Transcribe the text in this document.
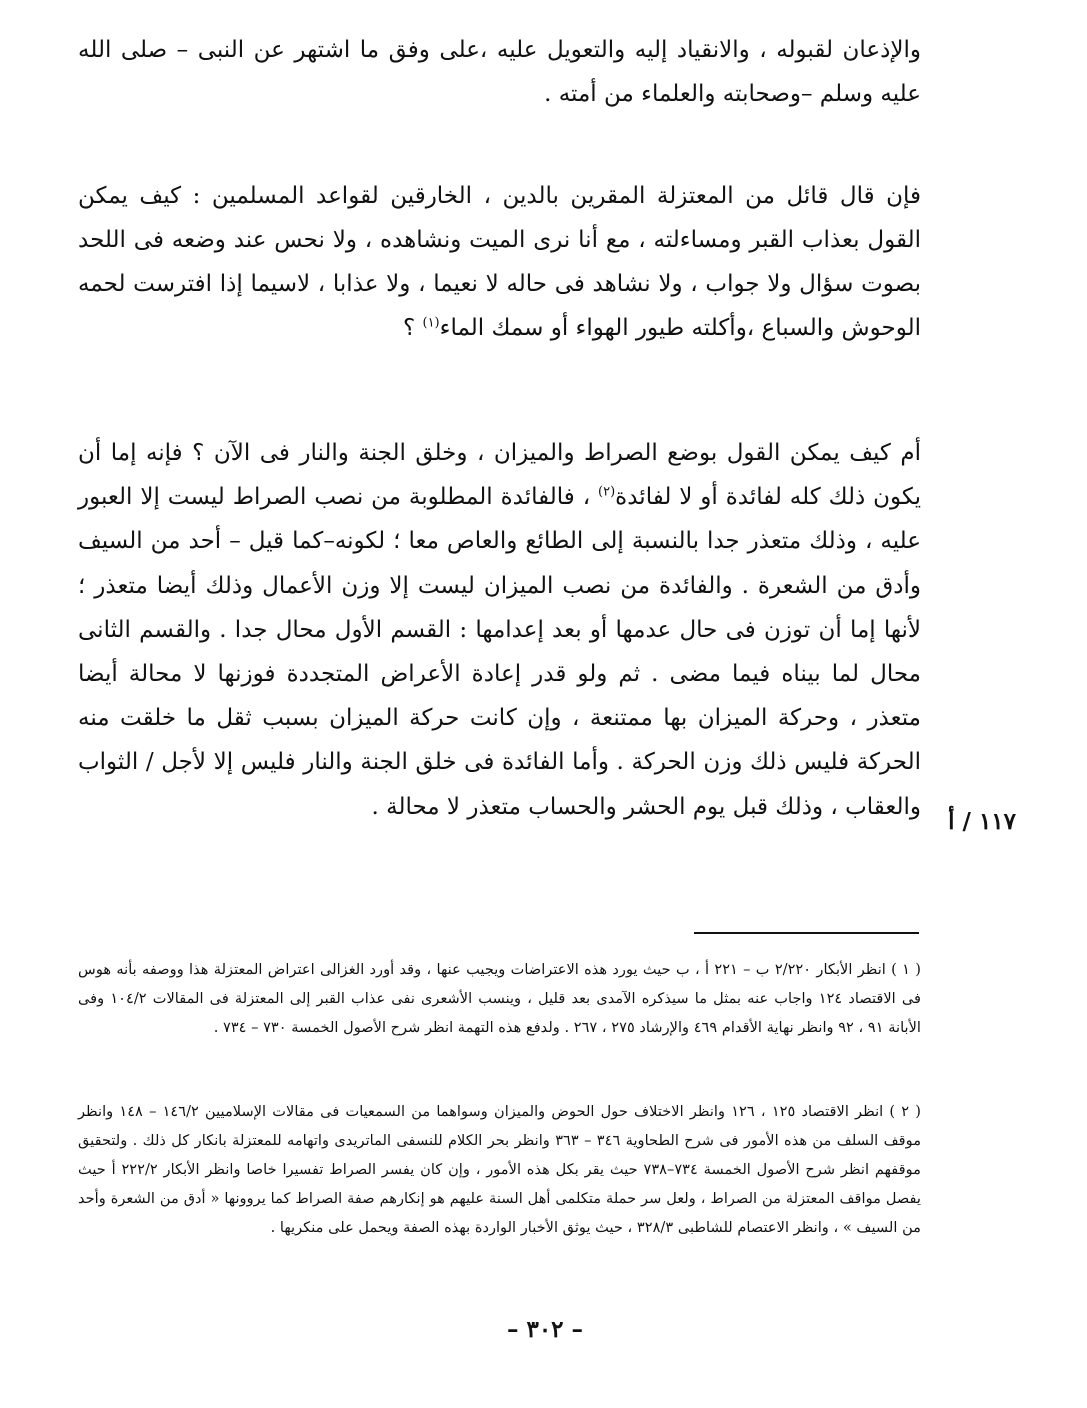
والإذعان لقبوله ، والانقياد إليه والتعويل عليه ،على وفق ما اشتهر عن النبى – صلى الله عليه وسلم –وصحابته والعلماء من أمته .

فإن قال قائل من المعتزلة المقرين بالدين ، الخارقين لقواعد المسلمين : كيف يمكن القول بعذاب القبر ومساءلته ، مع أنا نرى الميت ونشاهده ، ولا نحس عند وضعه فى اللحد بصوت سؤال ولا جواب ، ولا نشاهد فى حاله لا نعيما ، ولا عذابا ، لاسيما إذا افترست لحمه الوحوش والسباع ،وأكلته طيور الهواء أو سمك الماء$^{(١)}$ ؟

أم كيف يمكن القول بوضع الصراط والميزان ، وخلق الجنة والنار فى الآن ؟ فإنه إما أن يكون ذلك كله لفائدة أو لا لفائدة$^{(٢)}$ ، فالفائدة المطلوبة من نصب الصراط ليست إلا العبور عليه ، وذلك متعذر جدا بالنسبة إلى الطائع والعاص معا ؛ لكونه–كما قيل – أحد من السيف وأدق من الشعرة . والفائدة من نصب الميزان ليست إلا وزن الأعمال وذلك أيضا متعذر ؛ لأنها إما أن توزن فى حال عدمها أو بعد إعدامها : القسم الأول محال جدا . والقسم الثانى محال لما بيناه فيما مضى . ثم ولو قدر إعادة الأعراض المتجددة فوزنها لا محالة أيضا متعذر ، وحركة الميزان بها ممتنعة ، وإن كانت حركة الميزان بسبب ثقل ما خلقت منه الحركة فليس ذلك وزن الحركة . وأما الفائدة فى خلق الجنة والنار فليس إلا لأجل / الثواب والعقاب ، وذلك قبل يوم الحشر والحساب متعذر لا محالة .

١١٧ / أ

( ١ ) انظر الأبكار ٢/٢٢٠ ب – ٢٢١ أ ، ب حيث يورد هذه الاعتراضات ويجيب عنها ، وقد أورد الغزالى اعتراض المعتزلة هذا ووصفه بأنه هوس فى الاقتصاد ١٢٤ واجاب عنه بمثل ما سيذكره الآمدى بعد قليل ، وينسب الأشعرى نفى عذاب القبر إلى المعتزلة فى المقالات ١٠٤/٢ وفى الأبانة ٩١ ، ٩٢ وانظر نهاية الأقدام ٤٦٩ والإرشاد ٢٧٥ ، ٢٦٧ . ولدفع هذه التهمة انظر شرح الأصول الخمسة ٧٣٠ – ٧٣٤ .

( ٢ ) انظر الاقتصاد ١٢٥ ، ١٢٦ وانظر الاختلاف حول الحوض والميزان وسواهما من السمعيات فى مقالات الإسلاميين ١٤٦/٢ – ١٤٨ وانظر موقف السلف من هذه الأمور فى شرح الطحاوية ٣٤٦ – ٣٦٣ وانظر بحر الكلام للنسفى الماتريدى واتهامه للمعتزلة بانكار كل ذلك . ولتحقيق موقفهم انظر شرح الأصول الخمسة ٧٣٤–٧٣٨ حيث يقر بكل هذه الأمور ، وإن كان يفسر الصراط تفسيرا خاصا وانظر الأبكار ٢٢٢/٢ أ حيث يفصل مواقف المعتزلة من الصراط ، ولعل سر حملة متكلمى أهل السنة عليهم هو إنكارهم صفة الصراط كما يروونها « أدق من الشعرة وأحد من السيف » ، وانظر الاعتصام للشاطبى ٣٢٨/٣ ، حيث يوثق الأخبار الواردة بهذه الصفة ويحمل على منكريها .

– ٣٠٢ –
